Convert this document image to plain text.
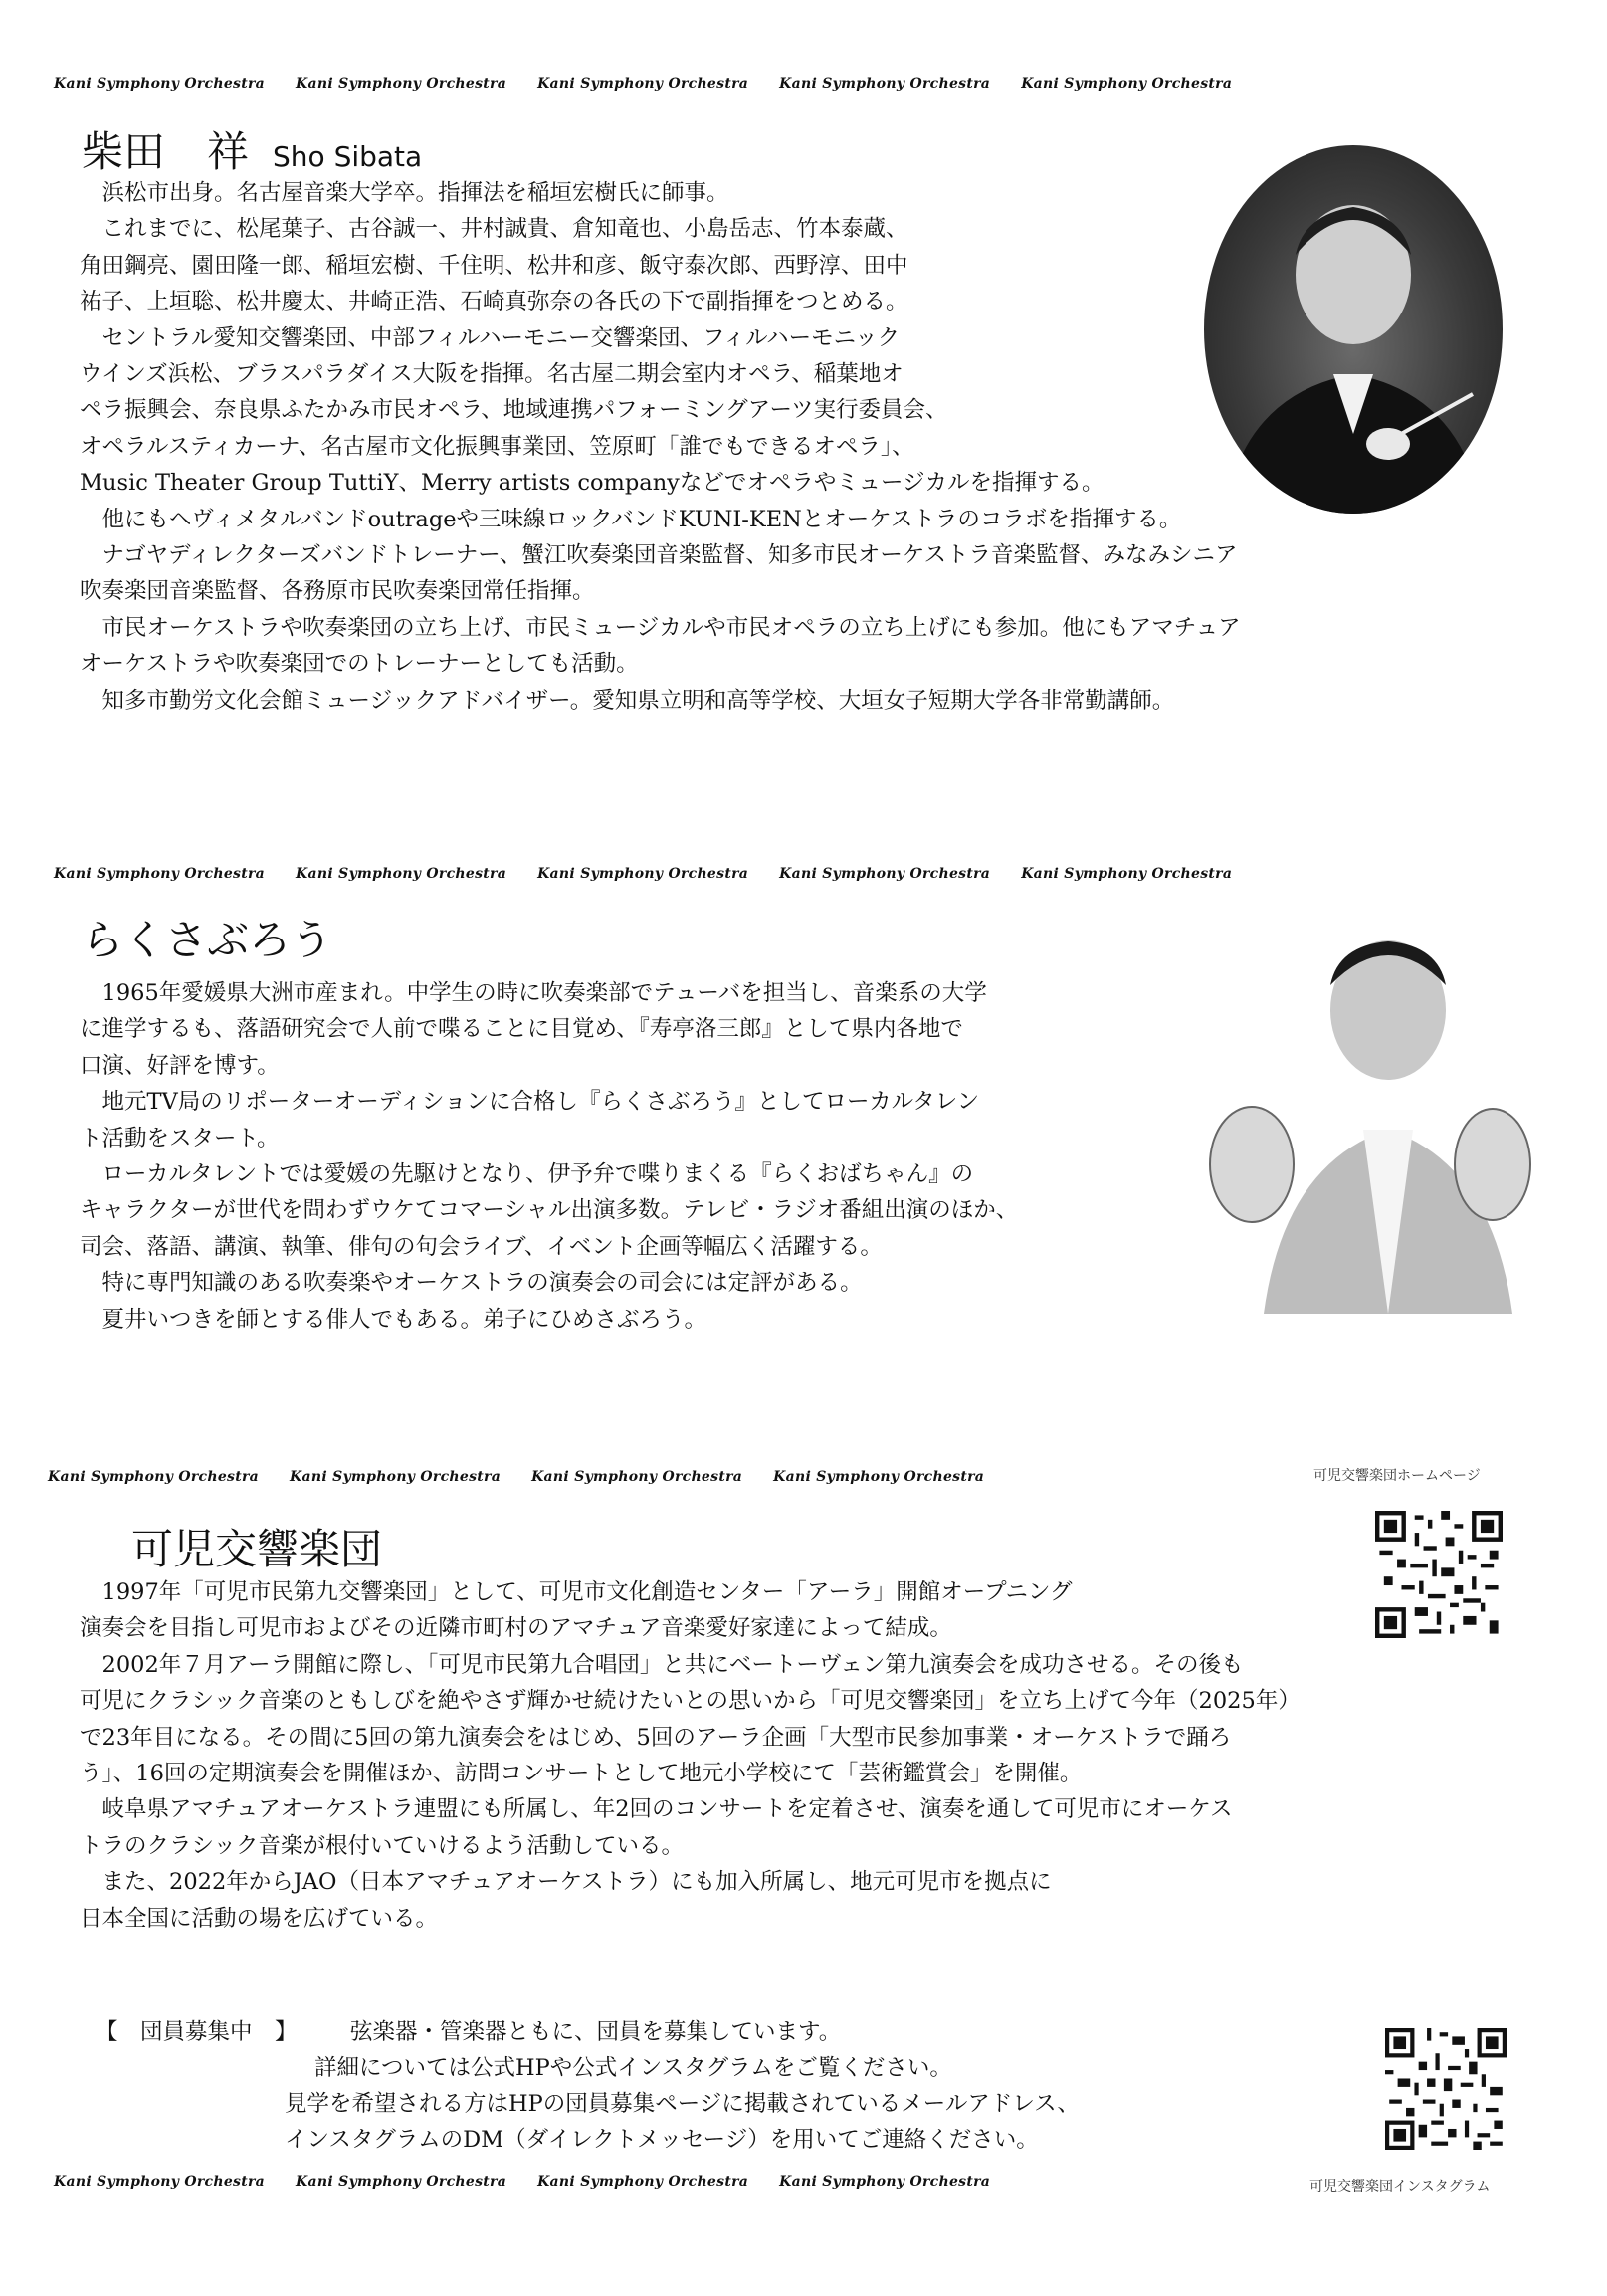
Kani Symphony Orchestra Kani Symphony Orchestra Kani Symphony Orchestra Kani Symphony Orchestra Kani Symphony Orchestra
柴田　祥 Sho Sibata

　浜松市出身。名古屋音楽大学卒。指揮法を稲垣宏樹氏に師事。

　これまでに、松尾葉子、古谷誠一、井村誠貴、倉知竜也、小島岳志、竹本泰蔵、

角田鋼亮、園田隆一郎、稲垣宏樹、千住明、松井和彦、飯守泰次郎、西野淳、田中

祐子、上垣聡、松井慶太、井崎正浩、石崎真弥奈の各氏の下で副指揮をつとめる。

　セントラル愛知交響楽団、中部フィルハーモニー交響楽団、フィルハーモニック

ウインズ浜松、ブラスパラダイス大阪を指揮。名古屋二期会室内オペラ、稲葉地オ

ペラ振興会、奈良県ふたかみ市民オペラ、地域連携パフォーミングアーツ実行委員会、

オペラルスティカーナ、名古屋市文化振興事業団、笠原町「誰でもできるオペラ」、

Music Theater Group TuttiY、Merry artists companyなどでオペラやミュージカルを指揮する。

　他にもヘヴィメタルバンドoutrageや三味線ロックバンドKUNI-KENとオーケストラのコラボを指揮する。

　ナゴヤディレクターズバンドトレーナー、蟹江吹奏楽団音楽監督、知多市民オーケストラ音楽監督、みなみシニア

吹奏楽団音楽監督、各務原市民吹奏楽団常任指揮。

　市民オーケストラや吹奏楽団の立ち上げ、市民ミュージカルや市民オペラの立ち上げにも参加。他にもアマチュア

オーケストラや吹奏楽団でのトレーナーとしても活動。

　知多市勤労文化会館ミュージックアドバイザー。愛知県立明和高等学校、大垣女子短期大学各非常勤講師。

Kani Symphony Orchestra Kani Symphony Orchestra Kani Symphony Orchestra Kani Symphony Orchestra Kani Symphony Orchestra
らくさぶろう

　1965年愛媛県大洲市産まれ。中学生の時に吹奏楽部でテューバを担当し、音楽系の大学

に進学するも、落語研究会で人前で喋ることに目覚め、『寿亭洛三郎』として県内各地で

口演、好評を博す。

　地元TV局のリポーターオーディションに合格し『らくさぶろう』としてローカルタレン

ト活動をスタート。

　ローカルタレントでは愛媛の先駆けとなり、伊予弁で喋りまくる『らくおばちゃん』の

キャラクターが世代を問わずウケてコマーシャル出演多数。テレビ・ラジオ番組出演のほか、

司会、落語、講演、執筆、俳句の句会ライブ、イベント企画等幅広く活躍する。

　特に専門知識のある吹奏楽やオーケストラの演奏会の司会には定評がある。

　夏井いつきを師とする俳人でもある。弟子にひめさぶろう。

Kani Symphony Orchestra Kani Symphony Orchestra Kani Symphony Orchestra Kani Symphony Orchestra	可児交響楽団ホームページ
可児交響楽団

　1997年「可児市民第九交響楽団」として、可児市文化創造センター「アーラ」開館オープニング

演奏会を目指し可児市およびその近隣市町村のアマチュア音楽愛好家達によって結成。

　2002年７月アーラ開館に際し、「可児市民第九合唱団」と共にベートーヴェン第九演奏会を成功させる。その後も

可児にクラシック音楽のともしびを絶やさず輝かせ続けたいとの思いから「可児交響楽団」を立ち上げて今年（2025年）

で23年目になる。その間に5回の第九演奏会をはじめ、5回のアーラ企画「大型市民参加事業・オーケストラで踊ろ

う」、16回の定期演奏会を開催ほか、訪問コンサートとして地元小学校にて「芸術鑑賞会」を開催。

　岐阜県アマチュアオーケストラ連盟にも所属し、年2回のコンサートを定着させ、演奏を通して可児市にオーケス

トラのクラシック音楽が根付いていけるよう活動している。

　また、2022年からJAO（日本アマチュアオーケストラ）にも加入所属し、地元可児市を拠点に

日本全国に活動の場を広げている。

【　団員募集中　】 弦楽器・管楽器ともに、団員を募集しています。
詳細については公式HPや公式インスタグラムをご覧ください。
見学を希望される方はHPの団員募集ページに掲載されているメールアドレス、
インスタグラムのDM（ダイレクトメッセージ）を用いてご連絡ください。
Kani Symphony Orchestra Kani Symphony Orchestra Kani Symphony Orchestra Kani Symphony Orchestra	可児交響楽団インスタグラム
